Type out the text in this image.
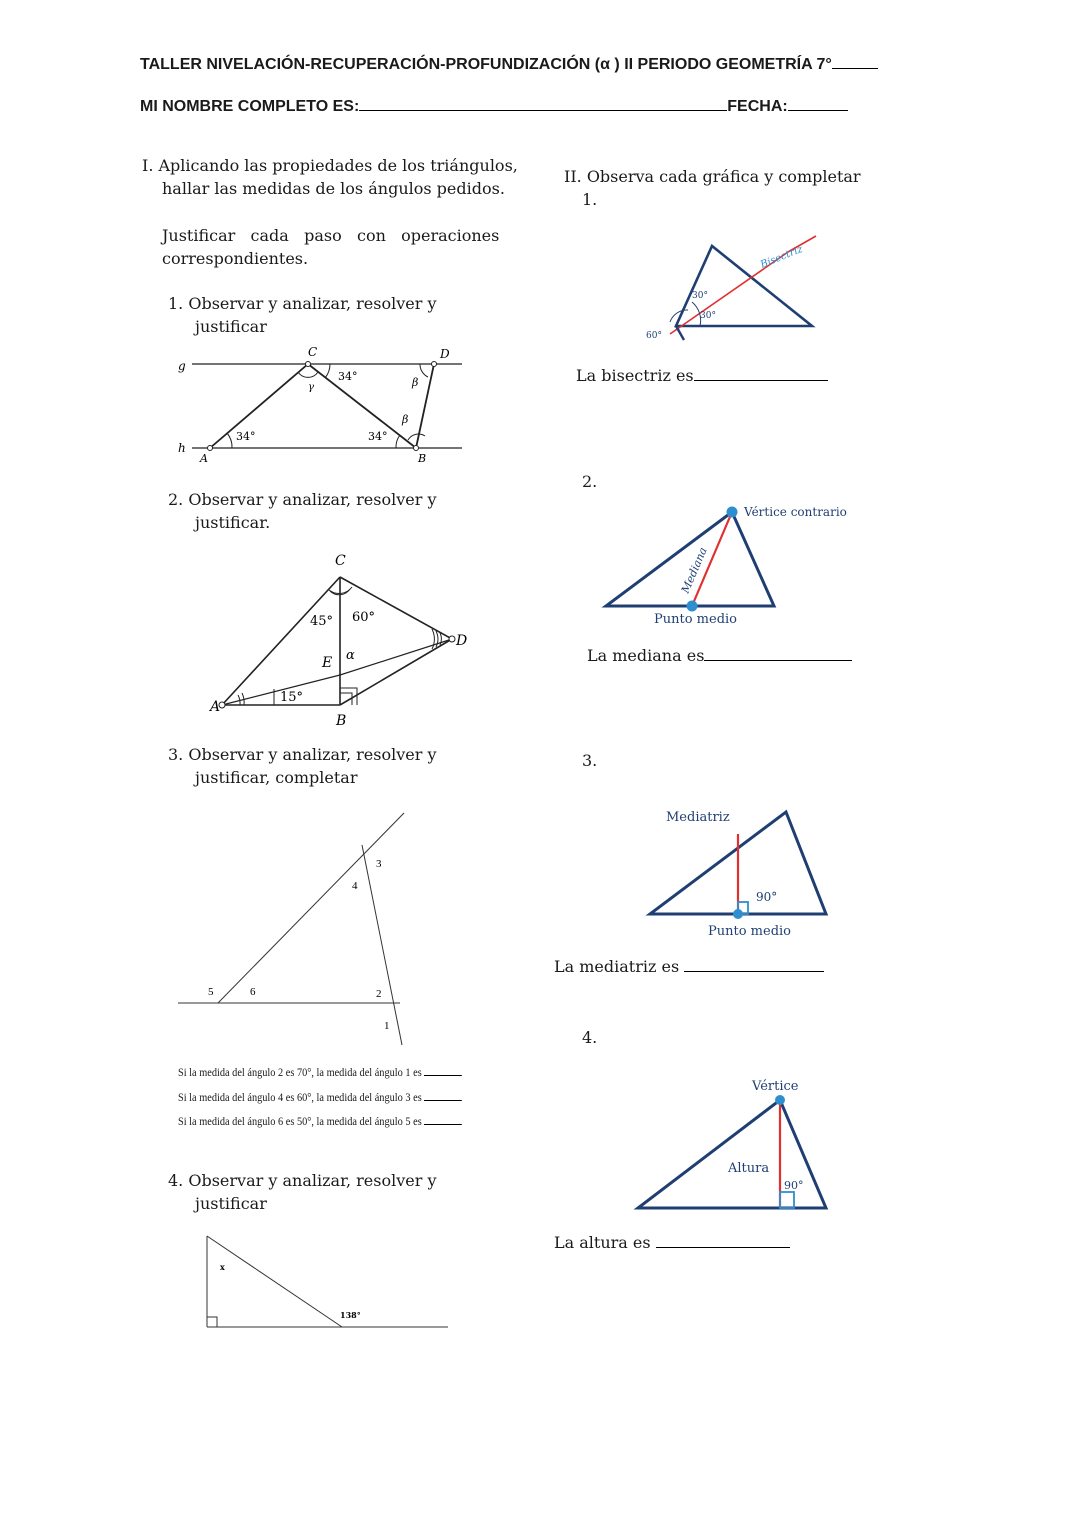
TALLER NIVELACIÓN-RECUPERACIÓN-PROFUNDIZACIÓN (α ) II PERIODO GEOMETRÍA 7°
MI NOMBRE COMPLETO ES:	FECHA:
I. Aplicando las propiedades de los triángulos,
hallar las medidas de los ángulos pedidos.
Justificar   cada   paso   con   operaciones
correspondientes.
1. Observar y analizar, resolver y
justificar
g
h
A	B
C	D
γ	β
β
34°
34°
34°
2. Observar y analizar, resolver y
justificar.
A
B
C
D
E α
45° 60°
15°
3. Observar y analizar, resolver y
justificar, completar
3
4
2
1
5	6
Si la medida del ángulo 2 es 70°, la medida del ángulo 1 es
Si la medida del ángulo 4 es 60°, la medida del ángulo 3 es
Si la medida del ángulo 6 es 50°, la medida del ángulo 5 es
4. Observar y analizar, resolver y
justificar
x
138°
II. Observa cada gráfica y completar
1.
Bisectriz
30°
30°
60°
La bisectriz es
2.
Vértice contrario
Mediana
Punto medio
La mediana es
3.
Mediatriz
90°
Punto medio
La mediatriz es
4.
Vértice
Altura
90°
La altura es
